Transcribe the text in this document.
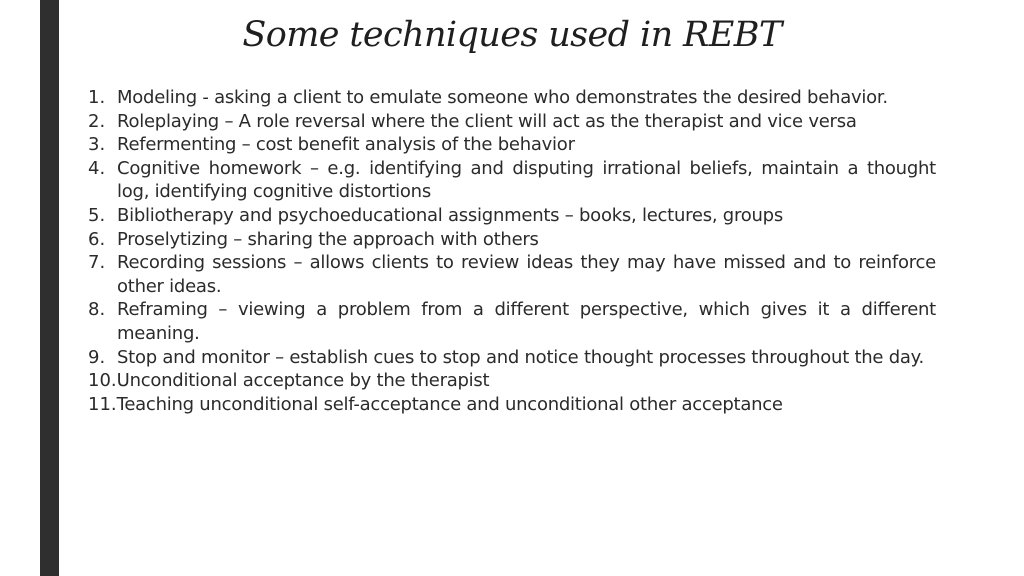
Some techniques used in REBT
1. Modeling - asking a client to emulate someone who demonstrates the desired behavior.
2. Roleplaying – A role reversal where the client will act as the therapist and vice versa
3. Refermenting – cost benefit analysis of the behavior
4. Cognitive homework – e.g. identifying and disputing irrational beliefs, maintain a thought log, identifying cognitive distortions
5. Bibliotherapy and psychoeducational assignments – books, lectures, groups
6. Proselytizing – sharing the approach with others
7. Recording sessions – allows clients to review ideas they may have missed and to reinforce other ideas.
8. Reframing – viewing a problem from a different perspective, which gives it a different meaning.
9. Stop and monitor – establish cues to stop and notice thought processes throughout the day.
10. Unconditional acceptance by the therapist
11. Teaching unconditional self-acceptance and unconditional other acceptance
